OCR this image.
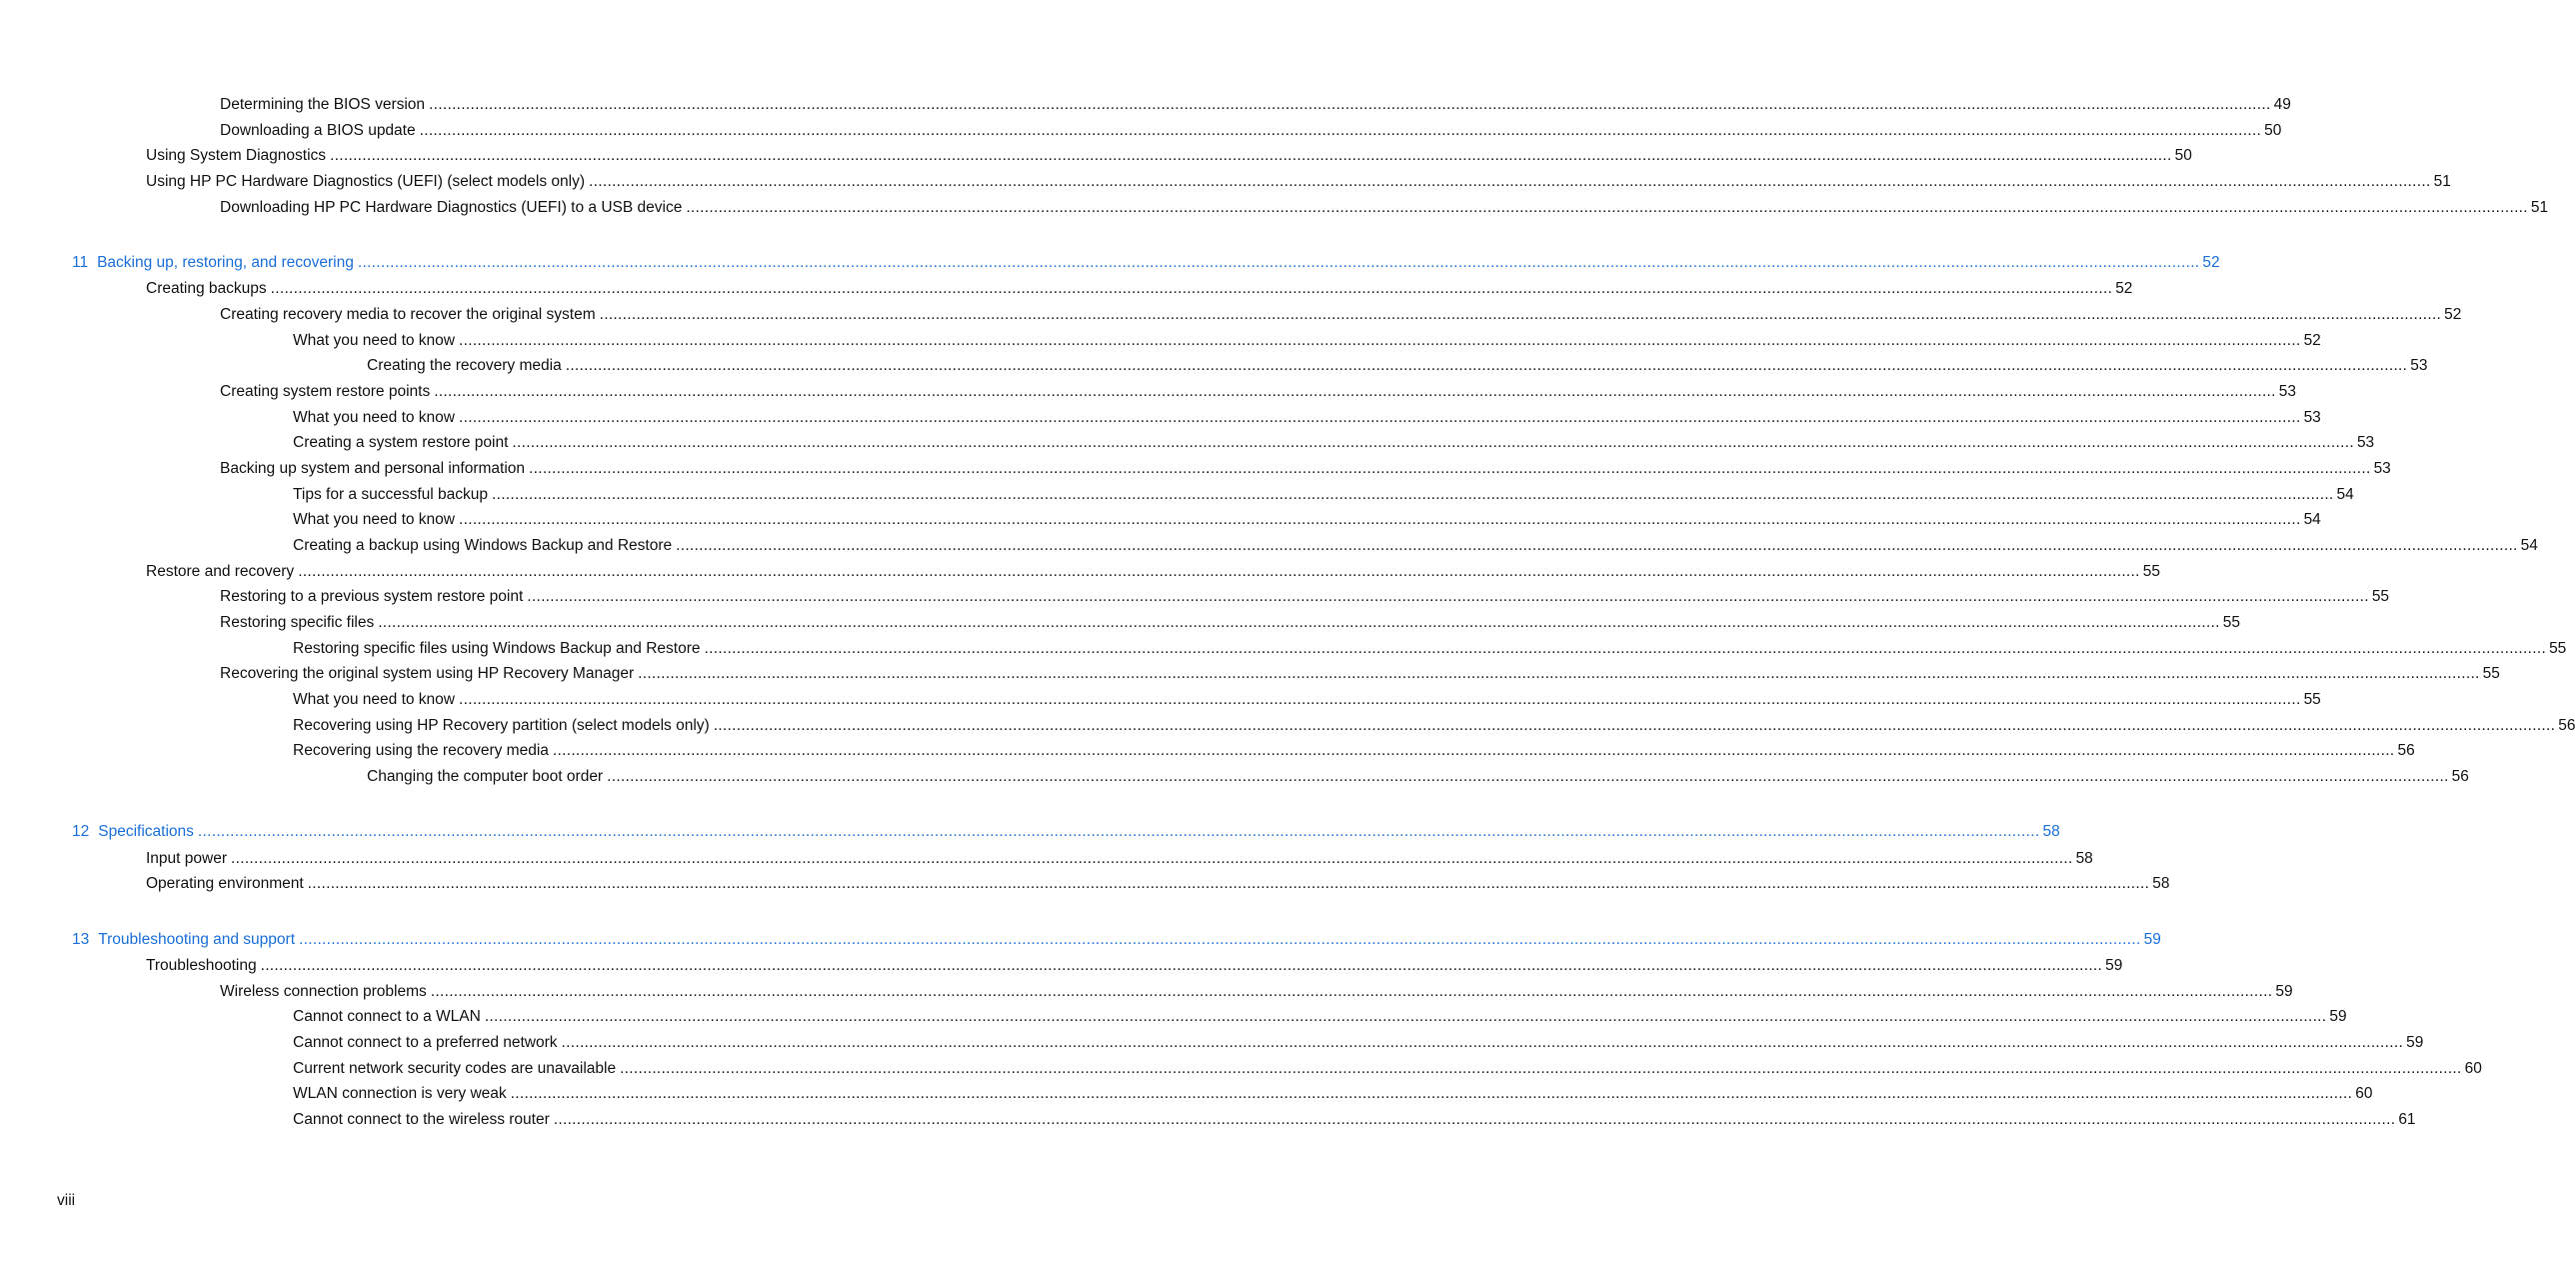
Determining the BIOS version ................................................................................................................................................................................................................................................................................................................................................................................................................ 49
Downloading a BIOS update ................................................................................................................................................................................................................................................................................................................................................................................................................ 50
Using System Diagnostics ................................................................................................................................................................................................................................................................................................................................................................................................................ 50
Using HP PC Hardware Diagnostics (UEFI) (select models only) ................................................................................................................................................................................................................................................................................................................................................................................................................ 51
Downloading HP PC Hardware Diagnostics (UEFI) to a USB device ................................................................................................................................................................................................................................................................................................................................................................................................................ 51
11 Backing up, restoring, and recovering ................................................................................................................................................................................................................................................................................................................................................................................................................ 52
Creating backups ................................................................................................................................................................................................................................................................................................................................................................................................................ 52
Creating recovery media to recover the original system ................................................................................................................................................................................................................................................................................................................................................................................................................ 52
What you need to know ................................................................................................................................................................................................................................................................................................................................................................................................................ 52
Creating the recovery media ................................................................................................................................................................................................................................................................................................................................................................................................................ 53
Creating system restore points ................................................................................................................................................................................................................................................................................................................................................................................................................ 53
What you need to know ................................................................................................................................................................................................................................................................................................................................................................................................................ 53
Creating a system restore point ................................................................................................................................................................................................................................................................................................................................................................................................................ 53
Backing up system and personal information ................................................................................................................................................................................................................................................................................................................................................................................................................ 53
Tips for a successful backup ................................................................................................................................................................................................................................................................................................................................................................................................................ 54
What you need to know ................................................................................................................................................................................................................................................................................................................................................................................................................ 54
Creating a backup using Windows Backup and Restore ................................................................................................................................................................................................................................................................................................................................................................................................................ 54
Restore and recovery ................................................................................................................................................................................................................................................................................................................................................................................................................ 55
Restoring to a previous system restore point ................................................................................................................................................................................................................................................................................................................................................................................................................ 55
Restoring specific files ................................................................................................................................................................................................................................................................................................................................................................................................................ 55
Restoring specific files using Windows Backup and Restore ................................................................................................................................................................................................................................................................................................................................................................................................................ 55
Recovering the original system using HP Recovery Manager ................................................................................................................................................................................................................................................................................................................................................................................................................ 55
What you need to know ................................................................................................................................................................................................................................................................................................................................................................................................................ 55
Recovering using HP Recovery partition (select models only) ................................................................................................................................................................................................................................................................................................................................................................................................................ 56
Recovering using the recovery media ................................................................................................................................................................................................................................................................................................................................................................................................................ 56
Changing the computer boot order ................................................................................................................................................................................................................................................................................................................................................................................................................ 56
12 Specifications ................................................................................................................................................................................................................................................................................................................................................................................................................ 58
Input power ................................................................................................................................................................................................................................................................................................................................................................................................................ 58
Operating environment ................................................................................................................................................................................................................................................................................................................................................................................................................ 58
13 Troubleshooting and support ................................................................................................................................................................................................................................................................................................................................................................................................................ 59
Troubleshooting ................................................................................................................................................................................................................................................................................................................................................................................................................ 59
Wireless connection problems ................................................................................................................................................................................................................................................................................................................................................................................................................ 59
Cannot connect to a WLAN ................................................................................................................................................................................................................................................................................................................................................................................................................ 59
Cannot connect to a preferred network ................................................................................................................................................................................................................................................................................................................................................................................................................ 59
Current network security codes are unavailable ................................................................................................................................................................................................................................................................................................................................................................................................................ 60
WLAN connection is very weak ................................................................................................................................................................................................................................................................................................................................................................................................................ 60
Cannot connect to the wireless router ................................................................................................................................................................................................................................................................................................................................................................................................................ 61
viii
